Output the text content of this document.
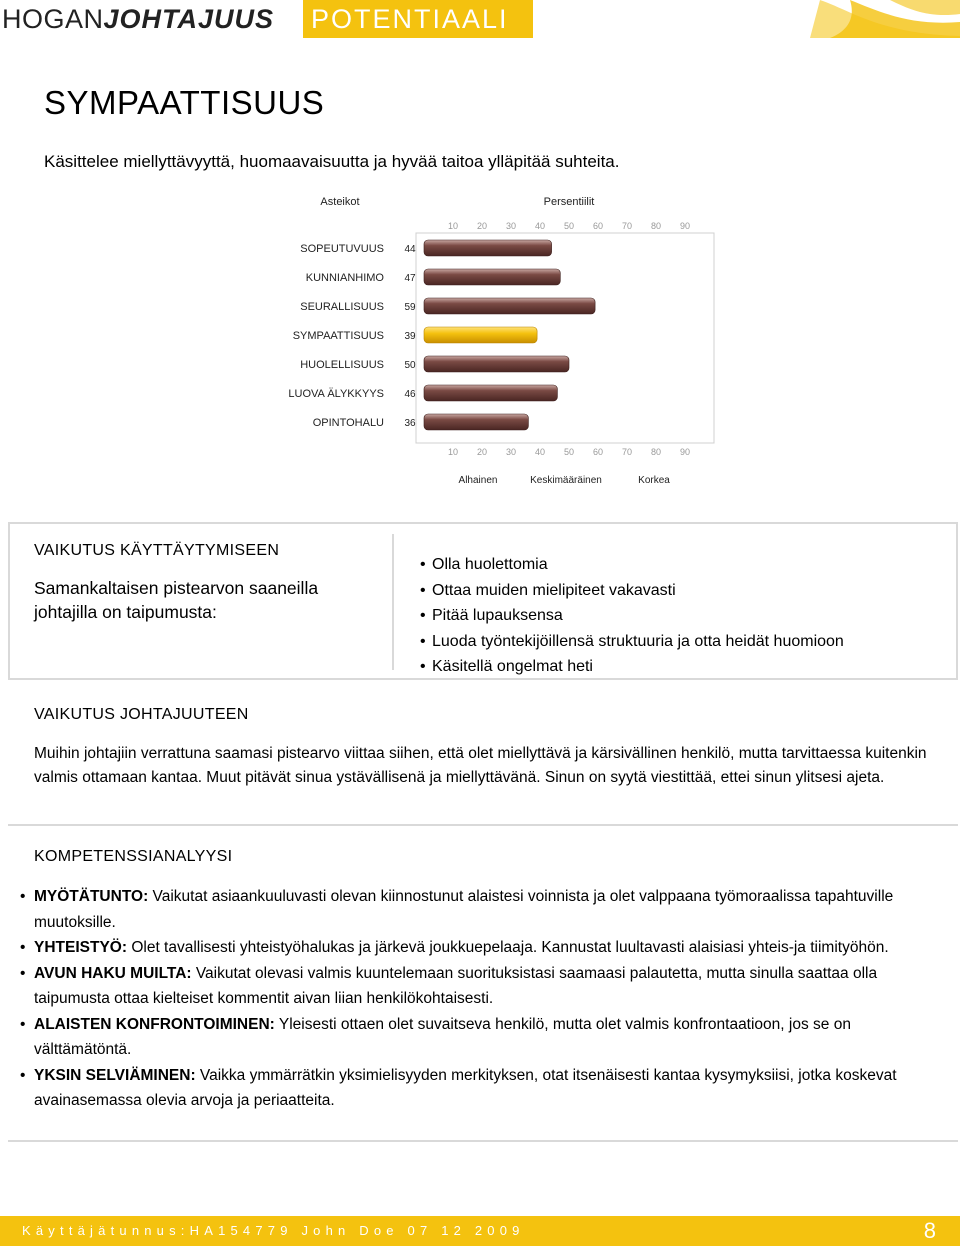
HOGAN JOHTAJUUS POTENTIAALI
SYMPAATTISUUS
Käsittelee miellyttävyyttä, huomaavaisuutta ja hyvää taitoa ylläpitää suhteita.
Asteikot	Persentiilit
10
10
20
20
30
30
40
40
50
50
60
60
70
70
80
80
90
90
SOPEUTUVUUS 44
KUNNIANHIMO 47
SEURALLISUUS 59
SYMPAATTISUUS 39
HUOLELLISUUS 50
LUOVA ÄLYKKYYS 46
OPINTOHALU 36
Alhainen	Keskimääräinen	Korkea
VAIKUTUS KÄYTTÄYTYMISEEN
Samankaltaisen pistearvon saaneilla johtajilla on taipumusta:
• Olla huolettomia
• Ottaa muiden mielipiteet vakavasti
• Pitää lupauksensa
• Luoda työntekijöillensä struktuuria ja otta heidät huomioon
• Käsitellä ongelmat heti
VAIKUTUS JOHTAJUUTEEN
Muihin johtajiin verrattuna saamasi pistearvo viittaa siihen, että olet miellyttävä ja kärsivällinen henkilö, mutta tarvittaessa kuitenkin valmis ottamaan kantaa. Muut pitävät sinua ystävällisenä ja miellyttävänä. Sinun on syytä viestittää, ettei sinun ylitsesi ajeta.
KOMPETENSSIANALYYSI
• MYÖTÄTUNTO: Vaikutat asiaankuuluvasti olevan kiinnostunut alaistesi voinnista ja olet valppaana työmoraalissa tapahtuville muutoksille.
• YHTEISTYÖ: Olet tavallisesti yhteistyöhalukas ja järkevä joukkuepelaaja. Kannustat luultavasti alaisiasi yhteis-ja tiimityöhön.
• AVUN HAKU MUILTA: Vaikutat olevasi valmis kuuntelemaan suorituksistasi saamaasi palautetta, mutta sinulla saattaa olla taipumusta ottaa kielteiset kommentit aivan liian henkilökohtaisesti.
• ALAISTEN KONFRONTOIMINEN: Yleisesti ottaen olet suvaitseva henkilö, mutta olet valmis konfrontaatioon, jos se on välttämätöntä.
• YKSIN SELVIÄMINEN: Vaikka ymmärrätkin yksimielisyyden merkityksen, otat itsenäisesti kantaa kysymyksiisi, jotka koskevat avainasemassa olevia arvoja ja periaatteita.
Käyttäjätunnus:HA154779 John Doe 07 12 2009	8
